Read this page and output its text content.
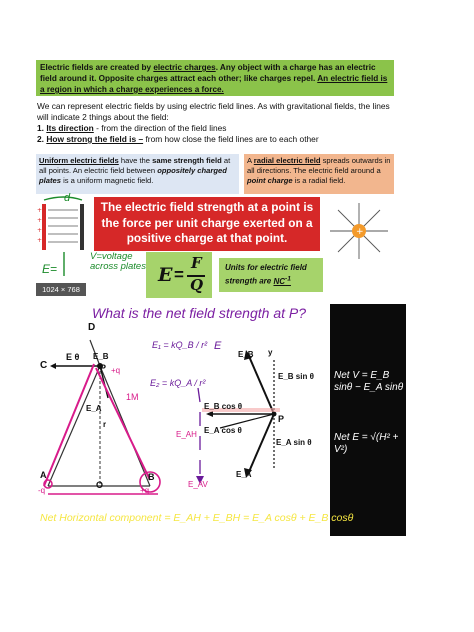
Electric fields are created by electric charges. Any object with a charge has an electric field around it. Opposite charges attract each other; like charges repel. An electric field is a region in which a charge experiences a force.
We can represent electric fields by using electric field lines. As with gravitational fields, the lines will indicate 2 things about the field:
1. Its direction - from the direction of the field lines
2. How strong the field is – from how close the field lines are to each other
Uniform electric fields have the same strength field at all points. An electric field between oppositely charged plates is a uniform magnetic field.
A radial electric field spreads outwards in all directions. The electric field around a point charge is a radial field.
+
+
+
+
d
E=
V=voltage across plates
1024 × 768
The electric field strength at a point is the force per unit charge exerted on a positive charge at that point.	+
E =
F
Q
Units for electric field strength are $NC^{-1}$
What is the net field strength at P?
D
C
E θ E_B
P +q
E_A
r
1M
A
O
B
-q	+q
E₁ = kQ_B / r² E
E₂ = kQ_A / r²
E_AV
E_AH
E_B y
E_B sin θ
E_B cos θ
E_A cos θ
E_A sin θ
E_A
P
Net V = E_B sinθ − E_A sinθ
Net E = √(H² + V²)
Net Horizontal component = E_AH + E_BH = E_A cosθ + E_B cosθ
